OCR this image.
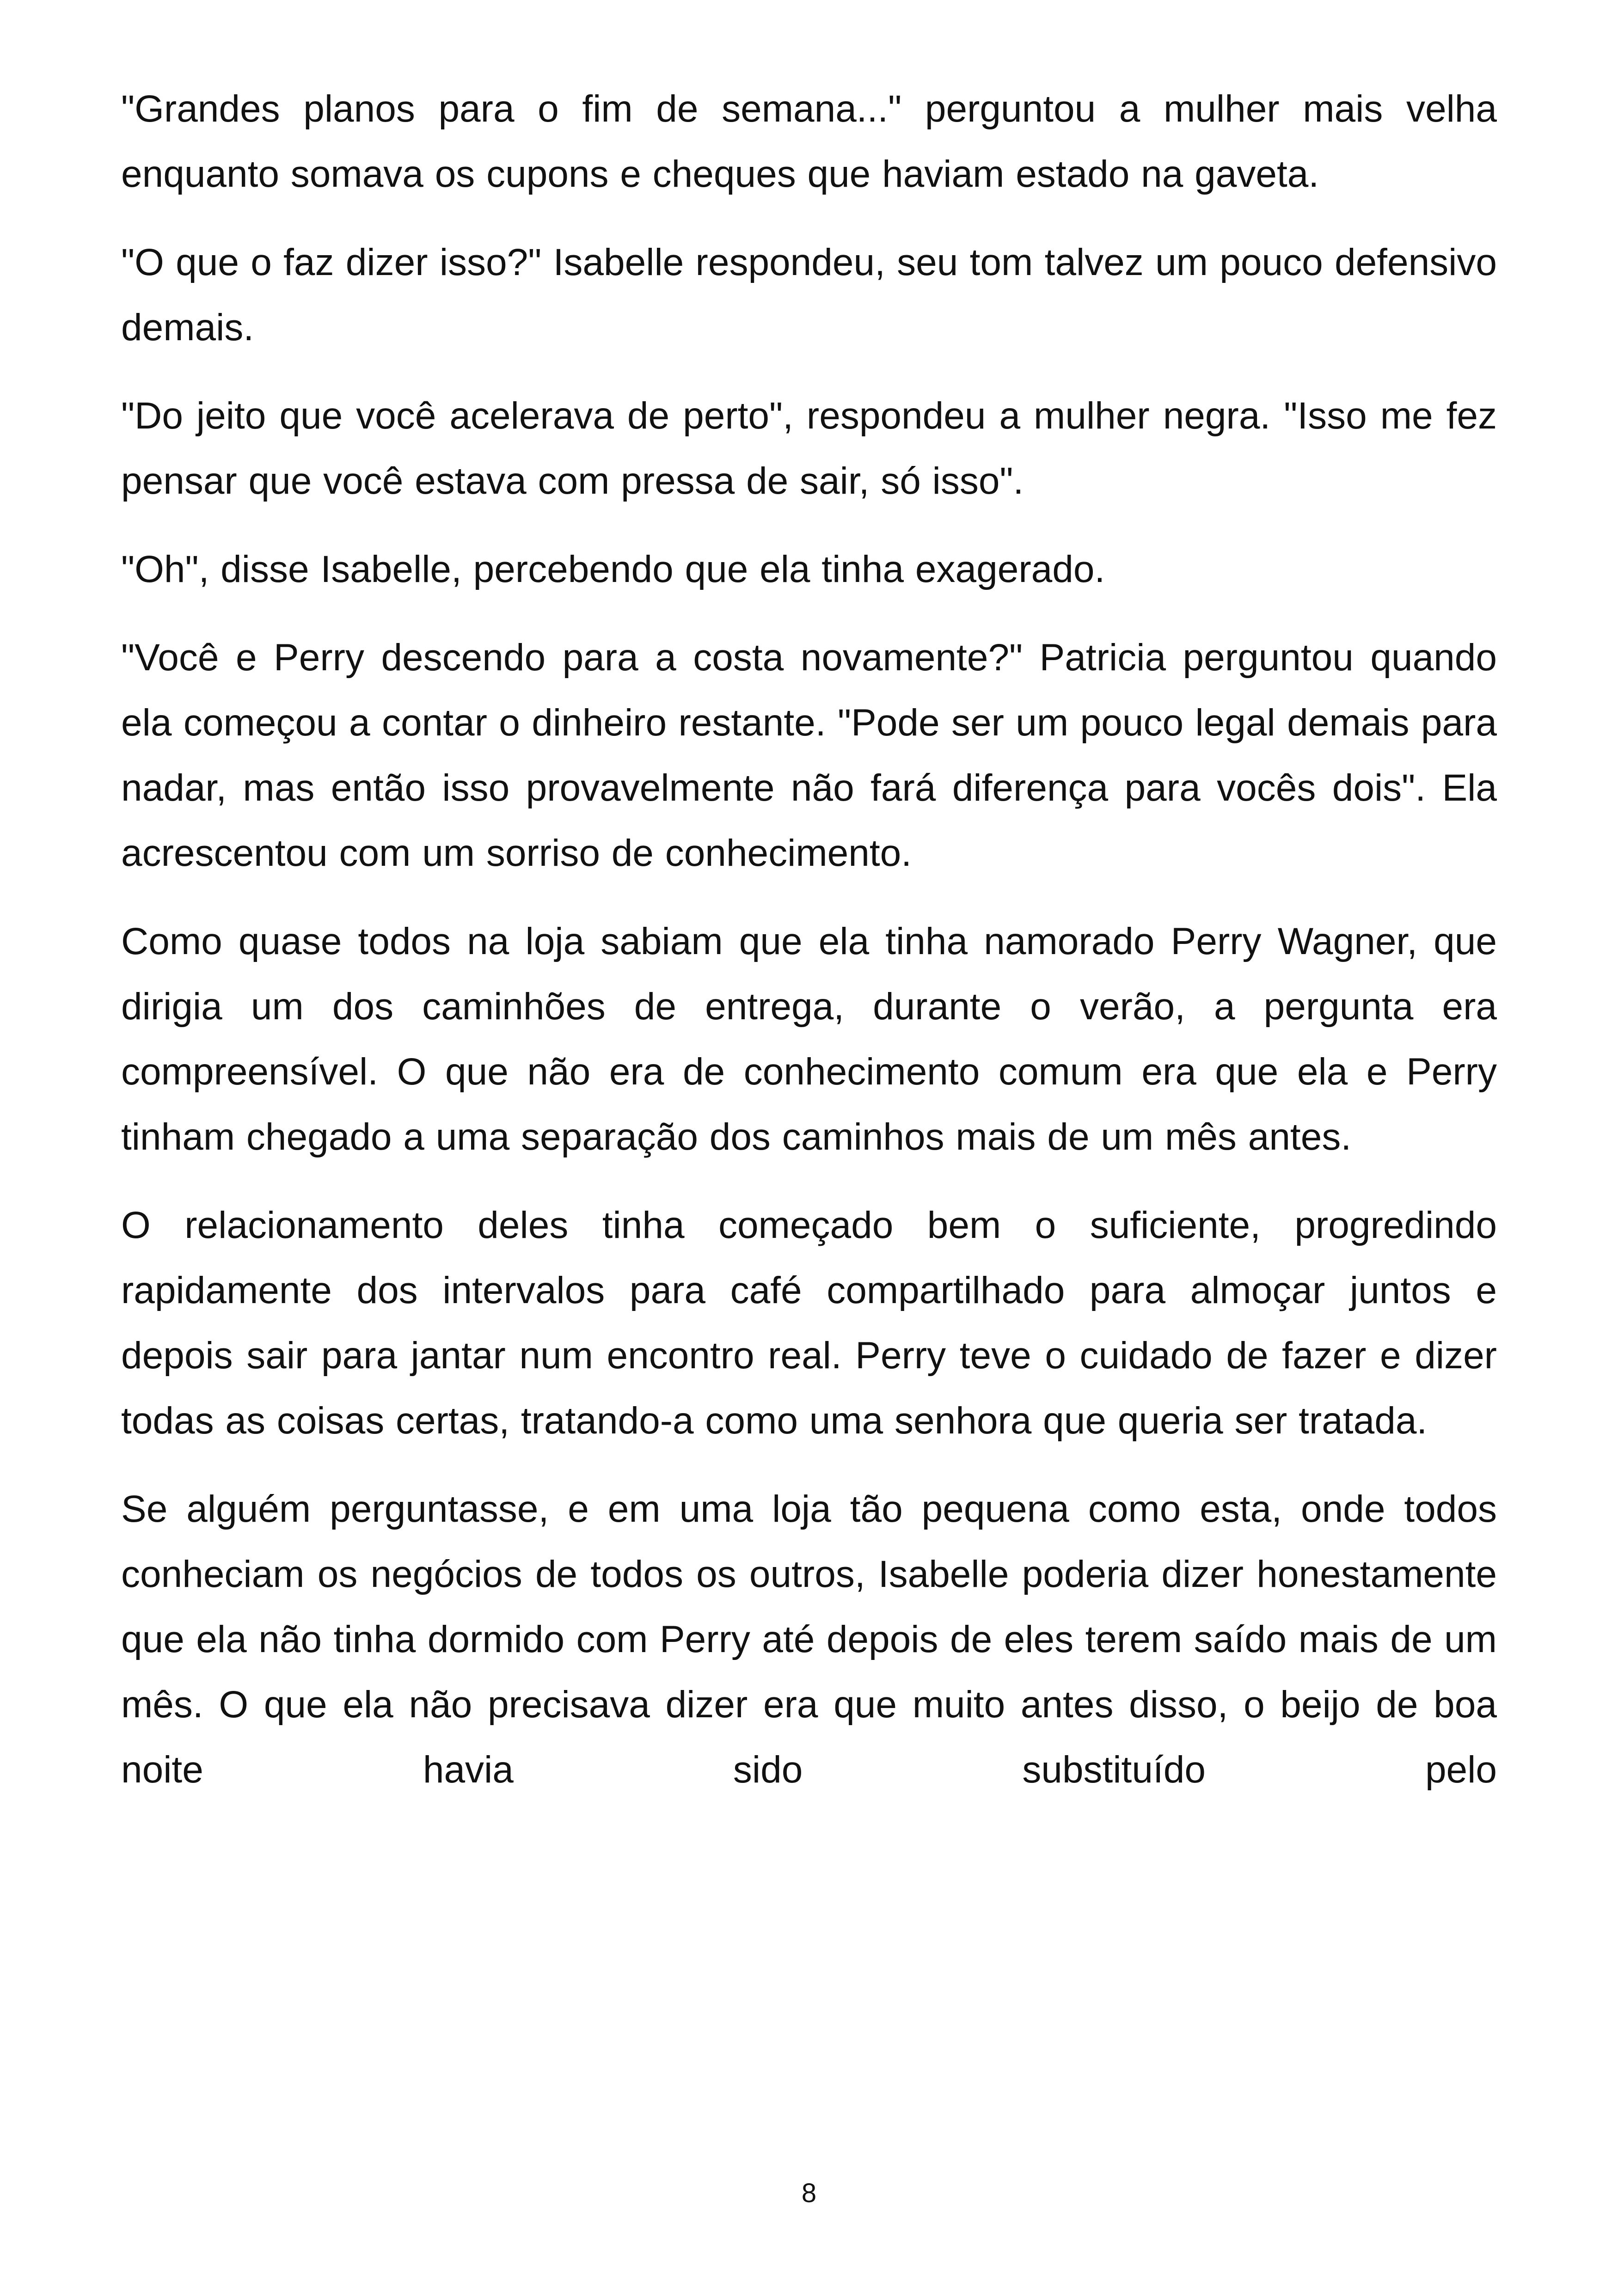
"Grandes planos para o fim de semana..." perguntou a mulher mais velha enquanto somava os cupons e cheques que haviam estado na gaveta.

"O que o faz dizer isso?" Isabelle respondeu, seu tom talvez um pouco defensivo demais.

"Do jeito que você acelerava de perto", respondeu a mulher negra. "Isso me fez pensar que você estava com pressa de sair, só isso".

"Oh", disse Isabelle, percebendo que ela tinha exagerado.

"Você e Perry descendo para a costa novamente?" Patricia perguntou quando ela começou a contar o dinheiro restante. "Pode ser um pouco legal demais para nadar, mas então isso provavelmente não fará diferença para vocês dois". Ela acrescentou com um sorriso de conhecimento.

Como quase todos na loja sabiam que ela tinha namorado Perry Wagner, que dirigia um dos caminhões de entrega, durante o verão, a pergunta era compreensível. O que não era de conhecimento comum era que ela e Perry tinham chegado a uma separação dos caminhos mais de um mês antes.

O relacionamento deles tinha começado bem o suficiente, progredindo rapidamente dos intervalos para café compartilhado para almoçar juntos e depois sair para jantar num encontro real. Perry teve o cuidado de fazer e dizer todas as coisas certas, tratando-a como uma senhora que queria ser tratada.

Se alguém perguntasse, e em uma loja tão pequena como esta, onde todos conheciam os negócios de todos os outros, Isabelle poderia dizer honestamente que ela não tinha dormido com Perry até depois de eles terem saído mais de um mês. O que ela não precisava dizer era que muito antes disso, o beijo de boa noite havia sido substituído pelo

8
